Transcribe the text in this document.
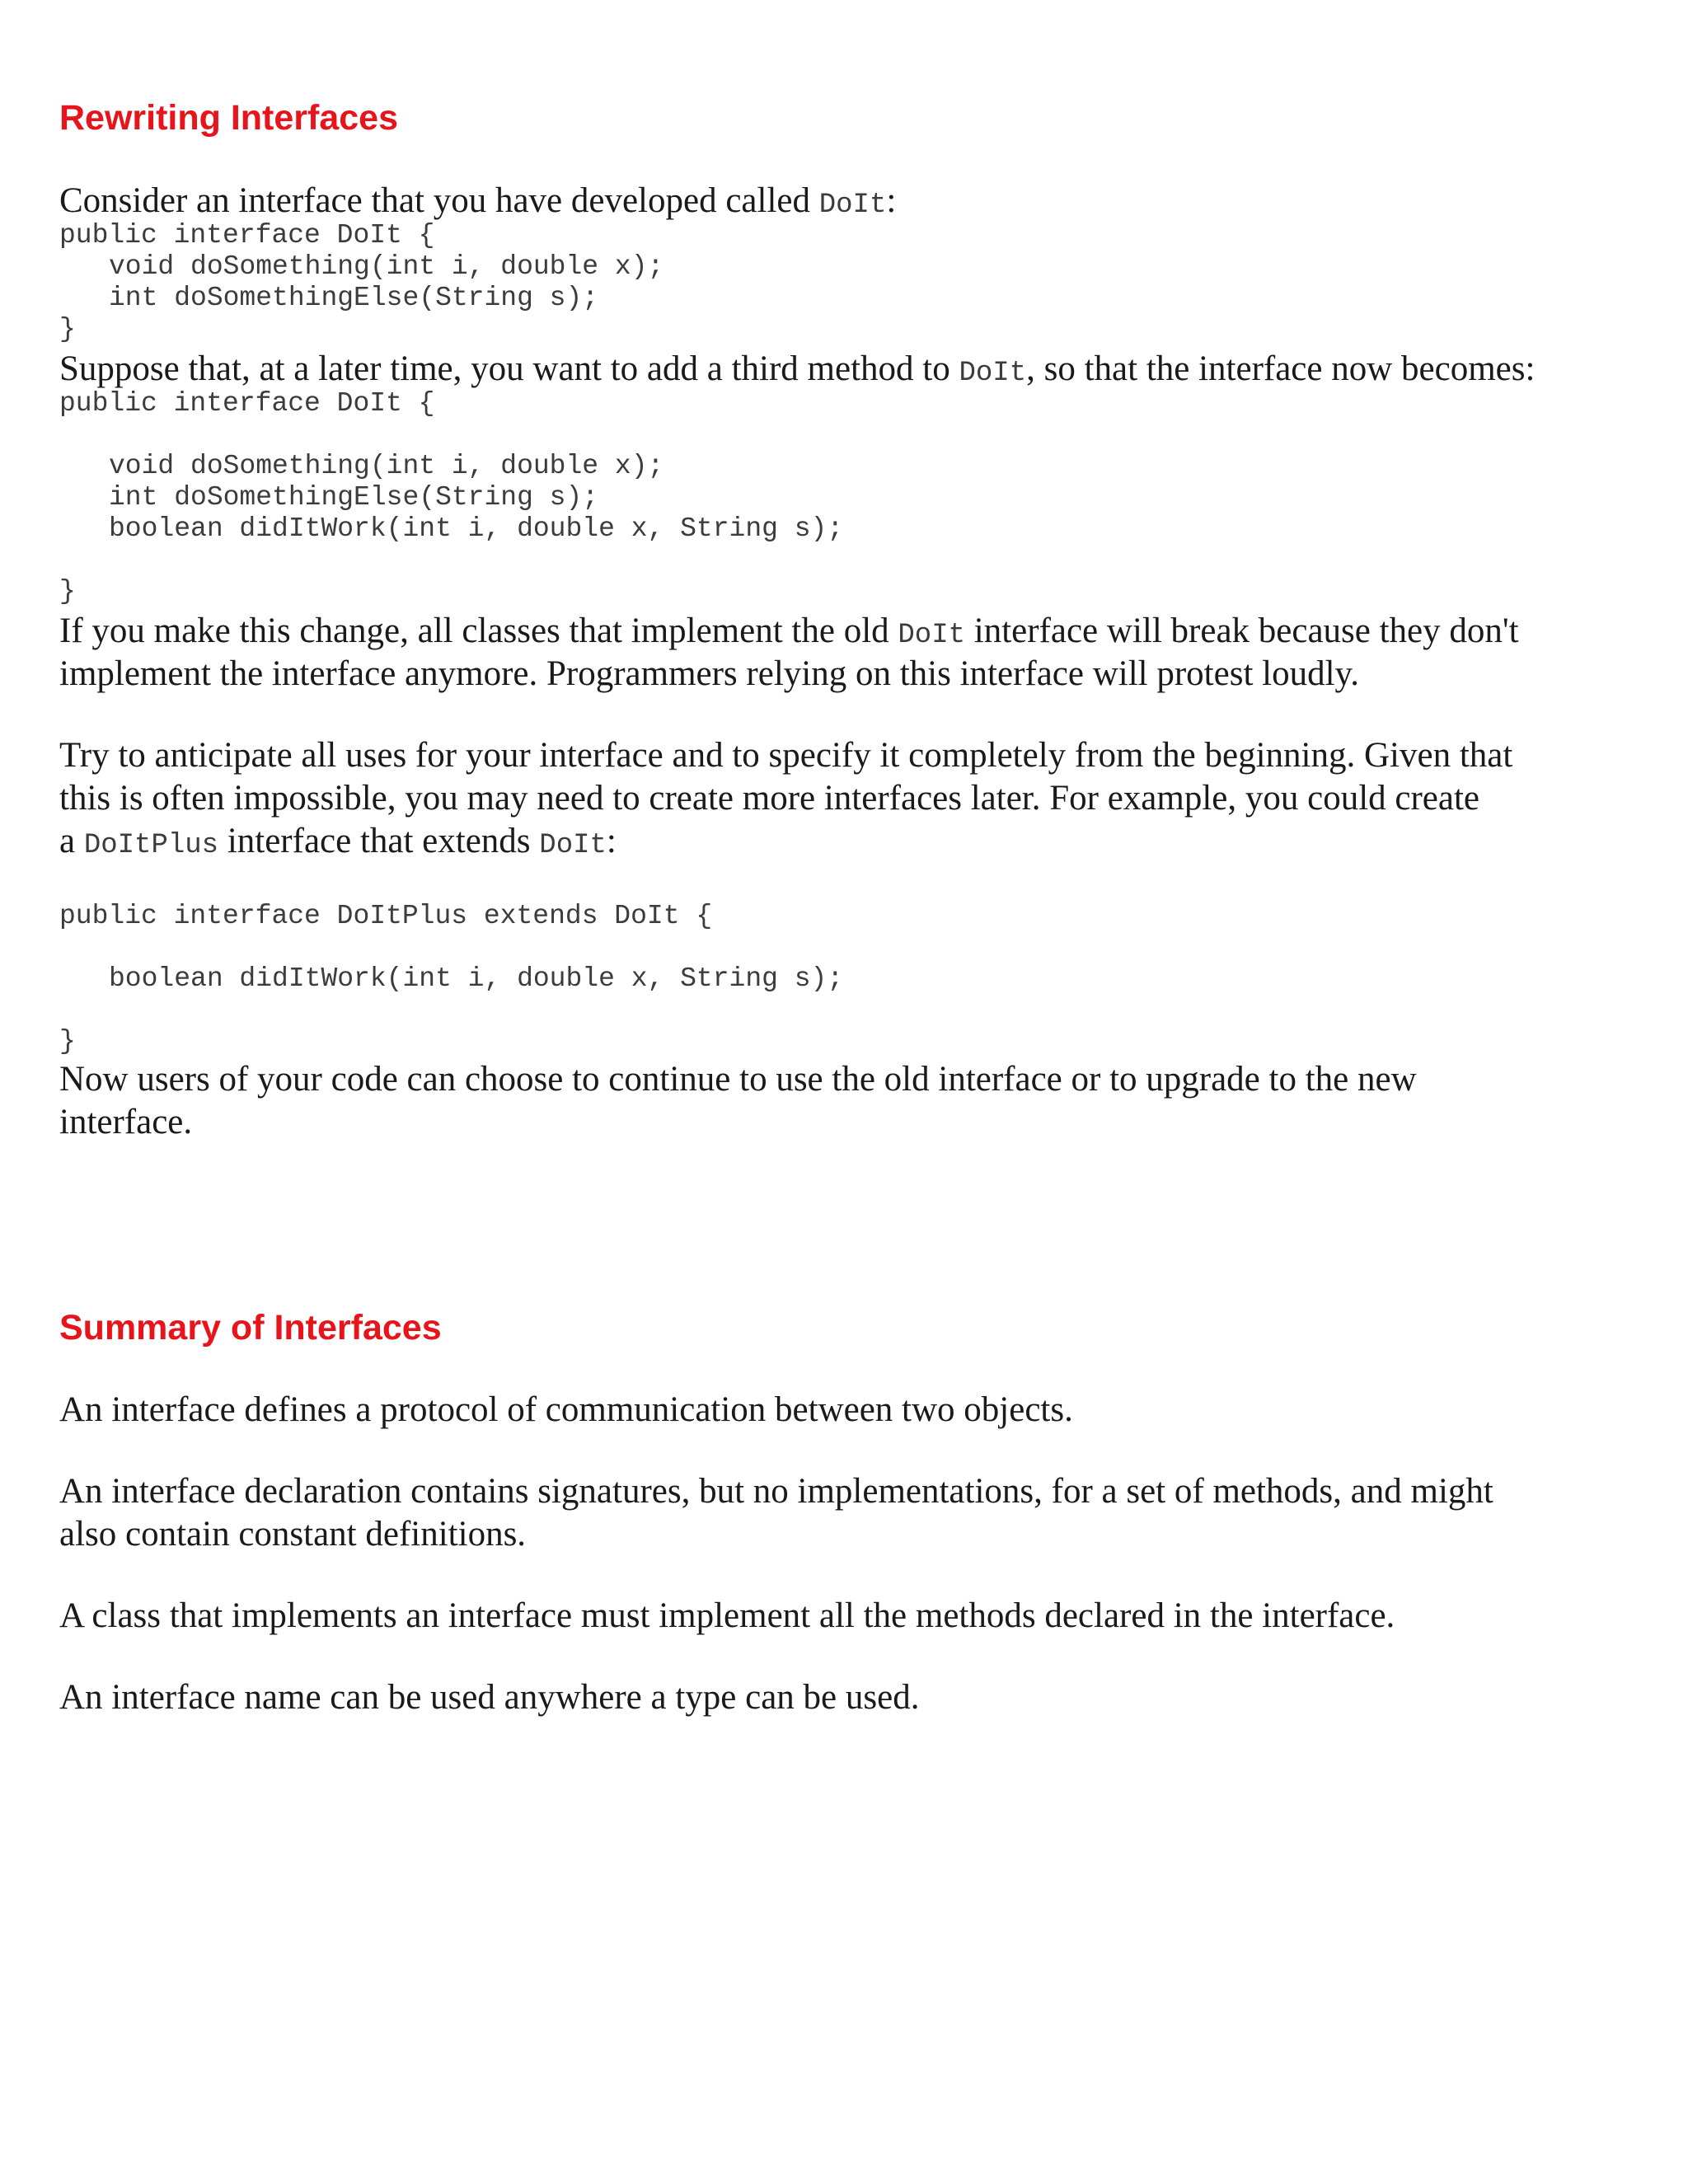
Rewriting Interfaces

Consider an interface that you have developed called DoIt:

public interface DoIt {
void doSomething(int i, double x);
int doSomethingElse(String s);
}

Suppose that, at a later time, you want to add a third method to DoIt, so that the interface now becomes:

public interface DoIt {
void doSomething(int i, double x);
int doSomethingElse(String s);
boolean didItWork(int i, double x, String s);
}

If you make this change, all classes that implement the old DoIt interface will break because they don't

implement the interface anymore. Programmers relying on this interface will protest loudly.

Try to anticipate all uses for your interface and to specify it completely from the beginning. Given that

this is often impossible, you may need to create more interfaces later. For example, you could create

a DoItPlus interface that extends DoIt:

public interface DoItPlus extends DoIt {
boolean didItWork(int i, double x, String s);
}

Now users of your code can choose to continue to use the old interface or to upgrade to the new

interface.

Summary of Interfaces

An interface defines a protocol of communication between two objects.

An interface declaration contains signatures, but no implementations, for a set of methods, and might

also contain constant definitions.

A class that implements an interface must implement all the methods declared in the interface.

An interface name can be used anywhere a type can be used.
